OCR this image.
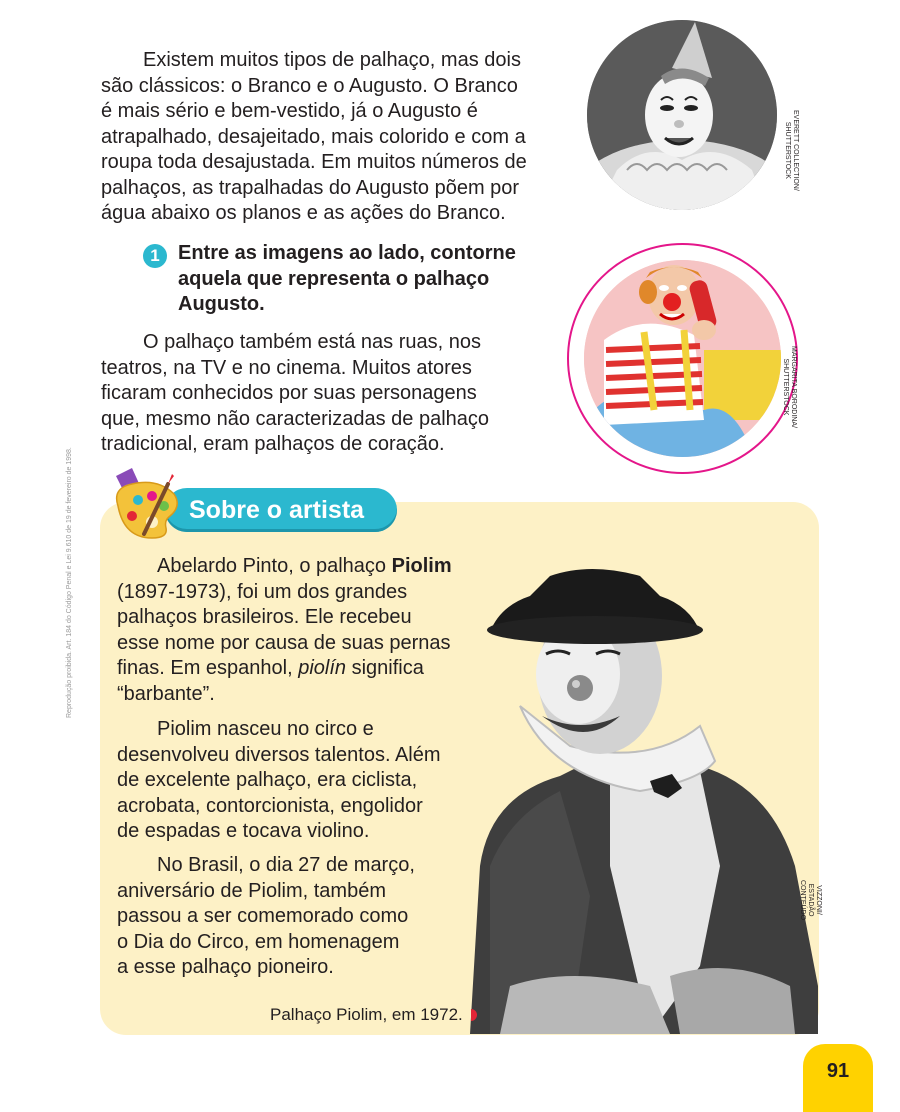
Existem muitos tipos de palhaço, mas dois
são clássicos: o Branco e o Augusto. O Branco
é mais sério e bem-vestido, já o Augusto é
atrapalhado, desajeitado, mais colorido e com a
roupa toda desajustada. Em muitos números de
palhaços, as trapalhadas do Augusto põem por
água abaixo os planos e as ações do Branco.

1 Entre as imagens ao lado, contorne
aquela que representa o palhaço
Augusto.

O palhaço também está nas ruas, nos
teatros, na TV e no cinema. Muitos atores
ficaram conhecidos por suas personagens
que, mesmo não caracterizadas de palhaço
tradicional, eram palhaços de coração.

EVERETT COLLECTION/
SHUTTERSTOCK
MARGARITA BORODINA/
SHUTTERSTOCK
Reprodução proibida. Art. 184 do Código Penal e Lei 9.610 de 19 de fevereiro de 1998.	Sobre o artista

Abelardo Pinto, o palhaço Piolim
(1897-1973), foi um dos grandes
palhaços brasileiros. Ele recebeu
esse nome por causa de suas pernas
finas. Em espanhol, piolín significa
“barbante”.

Piolim nasceu no circo e
desenvolveu diversos talentos. Além
de excelente palhaço, era ciclista,
acrobata, contorcionista, engolidor
de espadas e tocava violino.

No Brasil, o dia 27 de março,
aniversário de Piolim, também
passou a ser comemorado como
o Dia do Circo, em homenagem
a esse palhaço pioneiro.

VIZZONI/
ESTADÃO
CONTEÚDO
Palhaço Piolim, em 1972.
91
